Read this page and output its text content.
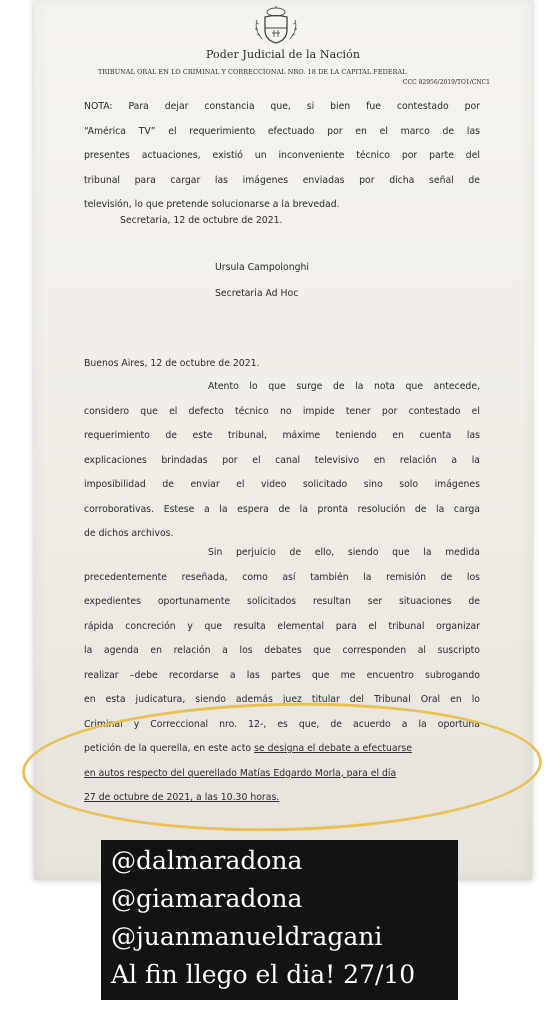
Poder Judicial de la Nación
TRIBUNAL ORAL EN LO CRIMINAL Y CORRECCIONAL NRO. 18 DE LA CAPITAL FEDERAL
CCC 82956/2019/TO1/CNC1
NOTA: Para dejar constancia que, si bien fue contestado por
“América TV” el requerimiento efectuado por en el marco de las
presentes actuaciones, existió un inconveniente técnico por parte del
tribunal para cargar las imágenes enviadas por dicha señal de
televisión, lo que pretende solucionarse a la brevedad.
Secretaria, 12 de octubre de 2021.
Ursula Campolonghi
Secretaria Ad Hoc
Buenos Aires, 12 de octubre de 2021.
Atento lo que surge de la nota que antecede,
considero que el defecto técnico no impide tener por contestado el
requerimiento de este tribunal, máxime teniendo en cuenta las
explicaciones brindadas por el canal televisivo en relación a la
imposibilidad de enviar el video solicitado sino solo imágenes
corroborativas. Estese a la espera de la pronta resolución de la carga
de dichos archivos.
Sin perjuicio de ello, siendo que la medida
precedentemente reseñada, como así también la remisión de los
expedientes oportunamente solicitados resultan ser situaciones de
rápida concreción y que resulta elemental para el tribunal organizar
la agenda en relación a los debates que corresponden al suscripto
realizar –debe recordarse a las partes que me encuentro subrogando
en esta judicatura, siendo además juez titular del Tribunal Oral en lo
Criminal y Correccional nro. 12-, es que, de acuerdo a la oportuna
petición de la querella, en este acto se designa el debate a efectuarse
en autos respecto del querellado Matías Edgardo Morla, para el día
27 de octubre de 2021, a las 10.30 horas.
@dalmaradona
@giamaradona
@juanmanueldragani
Al fin llego el dia! 27/10
